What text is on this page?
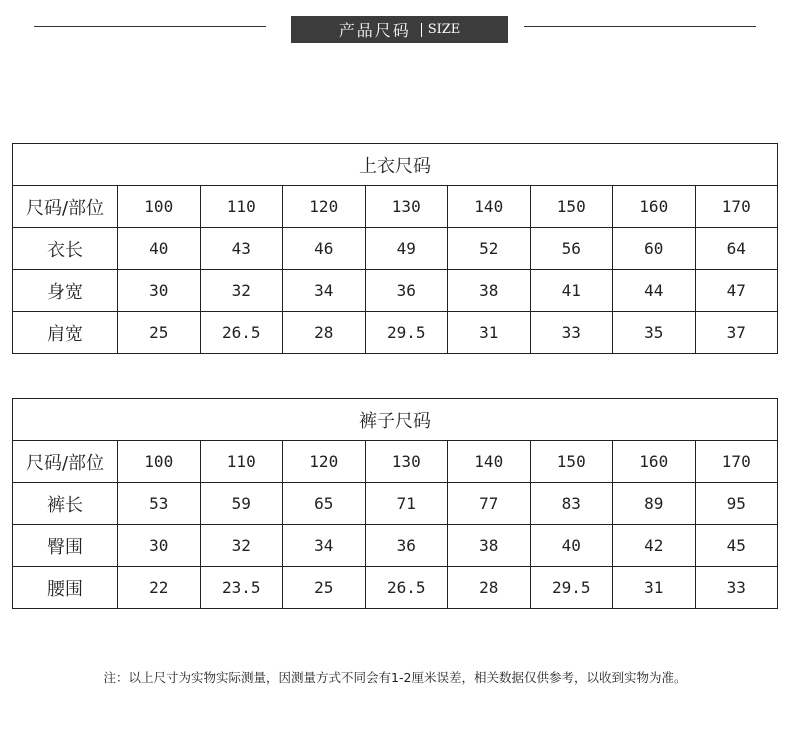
产品尺码 SIZE
上衣尺码								
尺码/部位	100	110	120	130	140	150	160	170
衣长	40	43	46	49	52	56	60	64
身宽	30	32	34	36	38	41	44	47
肩宽	25	26.5	28	29.5	31	33	35	37
裤子尺码								
尺码/部位	100	110	120	130	140	150	160	170
裤长	53	59	65	71	77	83	89	95
臀围	30	32	34	36	38	40	42	45
腰围	22	23.5	25	26.5	28	29.5	31	33
注：以上尺寸为实物实际测量，因测量方式不同会有1-2厘米误差，相关数据仅供参考，以收到实物为准。
